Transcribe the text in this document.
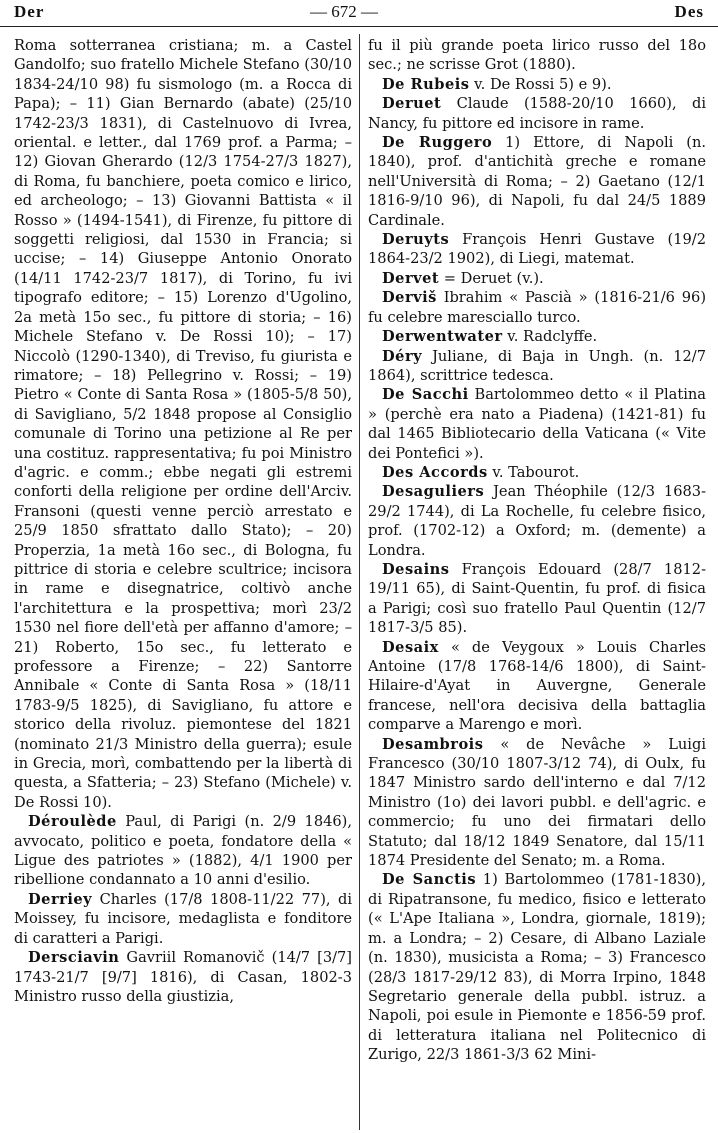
Der	— 672 —	Des

Roma sotterranea cristiana; m. a Castel Gandolfo; suo fratello Michele Stefano (30/10 1834-24/10 98) fu sismologo (m. a Rocca di Papa); – 11) Gian Bernardo (abate) (25/10 1742-23/3 1831), di Castelnuovo di Ivrea, oriental. e letter., dal 1769 prof. a Parma; – 12) Giovan Gherardo (12/3 1754-27/3 1827), di Roma, fu banchiere, poeta comico e lirico, ed archeologo; – 13) Giovanni Battista « il Rosso » (1494-1541), di Firenze, fu pittore di soggetti religiosi, dal 1530 in Francia; si uccise; – 14) Giuseppe Antonio Onorato (14/11 1742-23/7 1817), di Torino, fu ivi tipografo editore; – 15) Lorenzo d'Ugolino, 2a metà 15o sec., fu pittore di storia; – 16) Michele Stefano v. De Rossi 10); – 17) Niccolò (1290-1340), di Treviso, fu giurista e rimatore; – 18) Pellegrino v. Rossi; – 19) Pietro « Conte di Santa Rosa » (1805-5/8 50), di Savigliano, 5/2 1848 propose al Consiglio comunale di Torino una petizione al Re per una costituz. rappresentativa; fu poi Ministro d'agric. e comm.; ebbe negati gli estremi conforti della religione per ordine dell'Arciv. Fransoni (questi venne perciò arrestato e 25/9 1850 sfrattato dallo Stato); – 20) Properzia, 1a metà 16o sec., di Bologna, fu pittrice di storia e celebre scultrice; incisora in rame e disegnatrice, coltivò anche l'architettura e la prospettiva; morì 23/2 1530 nel fiore dell'età per affanno d'amore; – 21) Roberto, 15o sec., fu letterato e professore a Firenze; – 22) Santorre Annibale « Conte di Santa Rosa » (18/11 1783-9/5 1825), di Savigliano, fu attore e storico della rivoluz. piemontese del 1821 (nominato 21/3 Ministro della guerra); esule in Grecia, morì, combattendo per la libertà di questa, a Sfatteria; – 23) Stefano (Michele) v. De Rossi 10).

Déroulède Paul, di Parigi (n. 2/9 1846), avvocato, politico e poeta, fondatore della « Ligue des patriotes » (1882), 4/1 1900 per ribellione condannato a 10 anni d'esilio.

Derriey Charles (17/8 1808-11/22 77), di Moissey, fu incisore, medaglista e fonditore di caratteri a Parigi.

Dersciavin Gavriil Romanovič (14/7 [3/7] 1743-21/7 [9/7] 1816), di Casan, 1802-3 Ministro russo della giustizia,

fu il più grande poeta lirico russo del 18o sec.; ne scrisse Grot (1880).

De Rubeis v. De Rossi 5) e 9).

Deruet Claude (1588-20/10 1660), di Nancy, fu pittore ed incisore in rame.

De Ruggero 1) Ettore, di Napoli (n. 1840), prof. d'antichità greche e romane nell'Università di Roma; – 2) Gaetano (12/1 1816-9/10 96), di Napoli, fu dal 24/5 1889 Cardinale.

Deruyts François Henri Gustave (19/2 1864-23/2 1902), di Liegi, matemat.

Dervet = Deruet (v.).

Derviš Ibrahim « Pascià » (1816-21/6 96) fu celebre maresciallo turco.

Derwentwater v. Radclyffe.

Déry Juliane, di Baja in Ungh. (n. 12/7 1864), scrittrice tedesca.

De Sacchi Bartolommeo detto « il Platina » (perchè era nato a Piadena) (1421-81) fu dal 1465 Bibliotecario della Vaticana (« Vite dei Pontefici »).

Des Accords v. Tabourot.

Desaguliers Jean Théophile (12/3 1683-29/2 1744), di La Rochelle, fu celebre fisico, prof. (1702-12) a Oxford; m. (demente) a Londra.

Desains François Edouard (28/7 1812-19/11 65), di Saint-Quentin, fu prof. di fisica a Parigi; così suo fratello Paul Quentin (12/7 1817-3/5 85).

Desaix « de Veygoux » Louis Charles Antoine (17/8 1768-14/6 1800), di Saint-Hilaire-d'Ayat in Auvergne, Generale francese, nell'ora decisiva della battaglia comparve a Marengo e morì.

Desambrois « de Nevâche » Luigi Francesco (30/10 1807-3/12 74), di Oulx, fu 1847 Ministro sardo dell'interno e dal 7/12 Ministro (1o) dei lavori pubbl. e dell'agric. e commercio; fu uno dei firmatari dello Statuto; dal 18/12 1849 Senatore, dal 15/11 1874 Presidente del Senato; m. a Roma.

De Sanctis 1) Bartolommeo (1781-1830), di Ripatransone, fu medico, fisico e letterato (« L'Ape Italiana », Londra, giornale, 1819); m. a Londra; – 2) Cesare, di Albano Laziale (n. 1830), musicista a Roma; – 3) Francesco (28/3 1817-29/12 83), di Morra Irpino, 1848 Segretario generale della pubbl. istruz. a Napoli, poi esule in Piemonte e 1856-59 prof. di letteratura italiana nel Politecnico di Zurigo, 22/3 1861-3/3 62 Mini-
